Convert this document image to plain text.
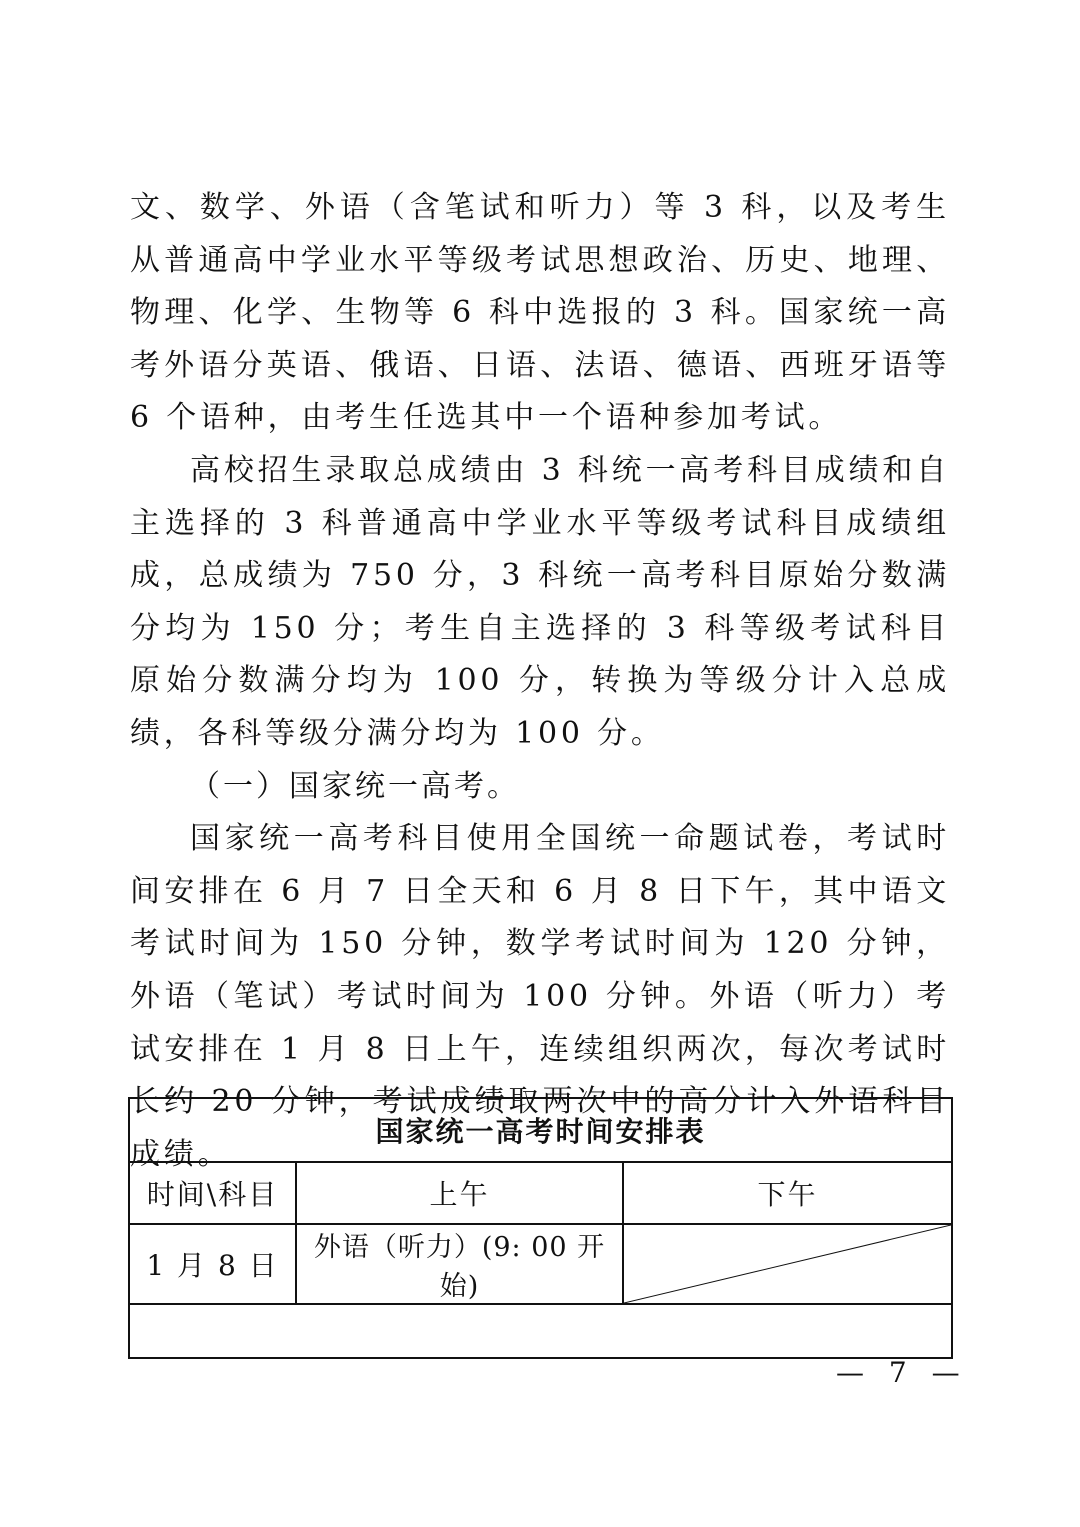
文、数学、外语（含笔试和听力）等 3 科，以及考生从普通高中学业水平等级考试思想政治、历史、地理、物理、化学、生物等 6 科中选报的 3 科。国家统一高考外语分英语、俄语、日语、法语、德语、西班牙语等 6 个语种，由考生任选其中一个语种参加考试。

高校招生录取总成绩由 3 科统一高考科目成绩和自主选择的 3 科普通高中学业水平等级考试科目成绩组成，总成绩为 750 分，3 科统一高考科目原始分数满分均为 150 分；考生自主选择的 3 科等级考试科目原始分数满分均为 100 分，转换为等级分计入总成绩，各科等级分满分均为 100 分。

（一）国家统一高考。

国家统一高考科目使用全国统一命题试卷，考试时间安排在 6 月 7 日全天和 6 月 8 日下午，其中语文考试时间为 150 分钟，数学考试时间为 120 分钟，外语（笔试）考试时间为 100 分钟。外语（听力）考试安排在 1 月 8 日上午，连续组织两次，每次考试时长约 20 分钟，考试成绩取两次中的高分计入外语科目成绩。

国家统一高考时间安排表		
时间\科目	上午	下午
1 月 8 日	外语（听力）(9: 00 开始)	

— 7 —
